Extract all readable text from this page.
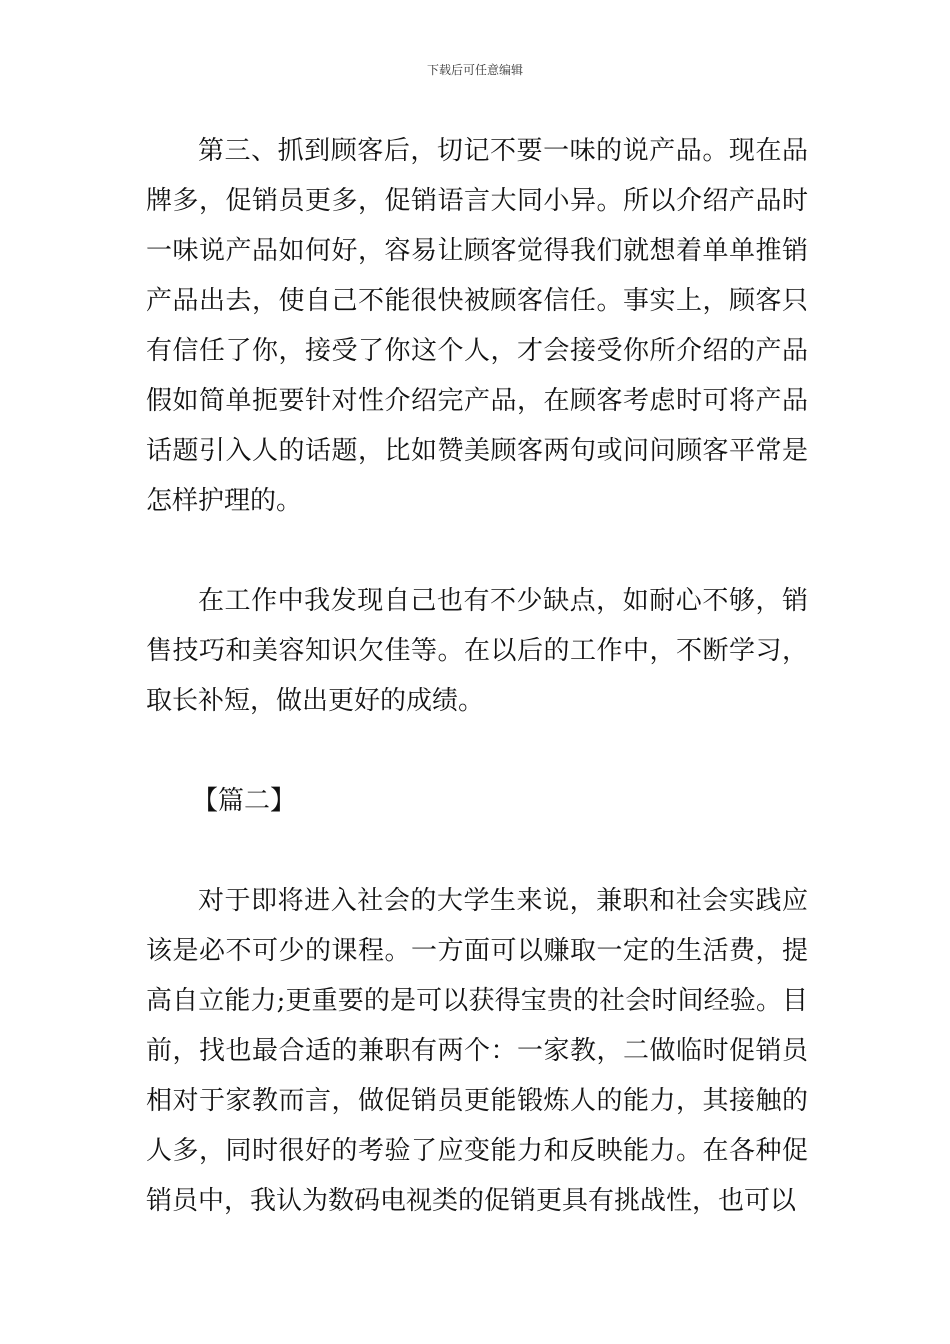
下载后可任意编辑

第三、抓到顾客后，切记不要一味的说产品。现在品牌多，促销员更多，促销语言大同小异。所以介绍产品时一味说产品如何好，容易让顾客觉得我们就想着单单推销产品出去，使自己不能很快被顾客信任。事实上，顾客只有信任了你，接受了你这个人，才会接受你所介绍的产品假如简单扼要针对性介绍完产品，在顾客考虑时可将产品话题引入人的话题，比如赞美顾客两句或问问顾客平常是怎样护理的。

在工作中我发现自己也有不少缺点，如耐心不够，销售技巧和美容知识欠佳等。在以后的工作中，不断学习，取长补短，做出更好的成绩。

【篇二】

对于即将进入社会的大学生来说，兼职和社会实践应该是必不可少的课程。一方面可以赚取一定的生活费，提高自立能力;更重要的是可以获得宝贵的社会时间经验。目前，找也最合适的兼职有两个：一家教，二做临时促销员相对于家教而言，做促销员更能锻炼人的能力，其接触的人多，同时很好的考验了应变能力和反映能力。在各种促销员中，我认为数码电视类的促销更具有挑战性，也可以
